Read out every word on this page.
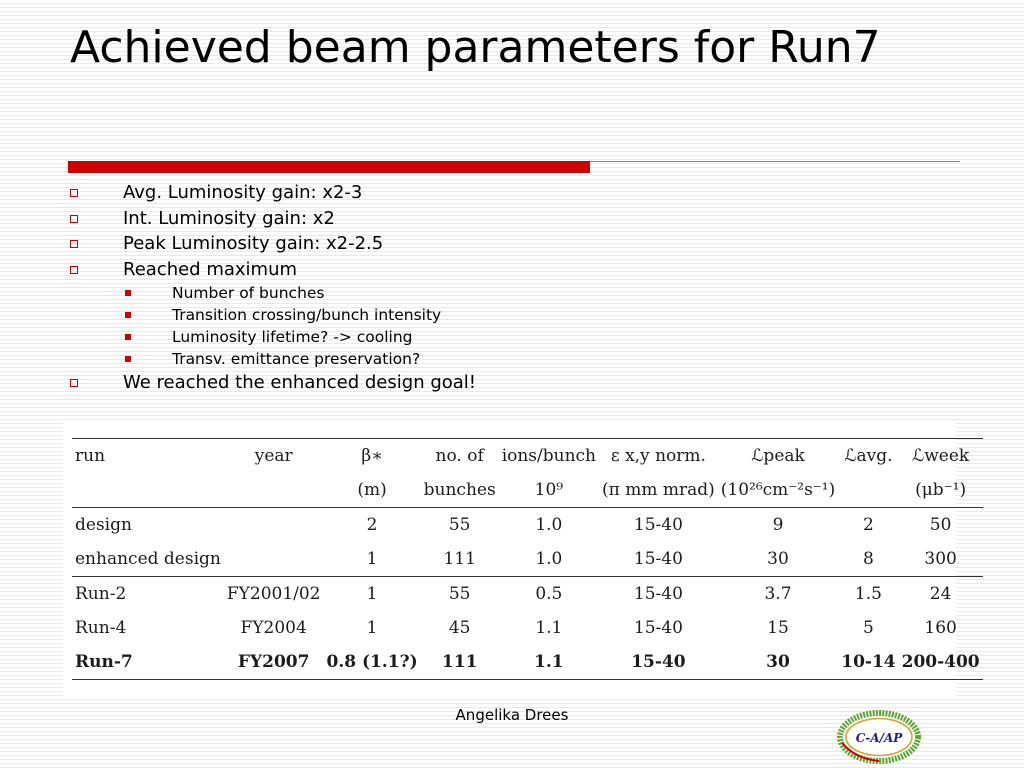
Achieved beam parameters for Run7
Avg. Luminosity gain: x2-3
Int. Luminosity gain: x2
Peak Luminosity gain: x2-2.5
Reached maximum
Number of bunches
Transition crossing/bunch intensity
Luminosity lifetime? -> cooling
Transv. emittance preservation?
We reached the enhanced design goal!
run	year	β∗	no. of	ions/bunch	ε x,y norm.	ℒpeak	ℒavg.	ℒweek
		(m)	bunches	10⁹	(π mm mrad)	(10²⁶cm⁻²s⁻¹)		(μb⁻¹)
design		2	55	1.0	15-40	9	2	50
enhanced design		1	111	1.0	15-40	30	8	300
Run-2	FY2001/02	1	55	0.5	15-40	3.7	1.5	24
Run-4	FY2004	1	45	1.1	15-40	15	5	160
Run-7	FY2007	0.8 (1.1?)	111	1.1	15-40	30	10-14	200-400
Angelika Drees
C-A/AP
